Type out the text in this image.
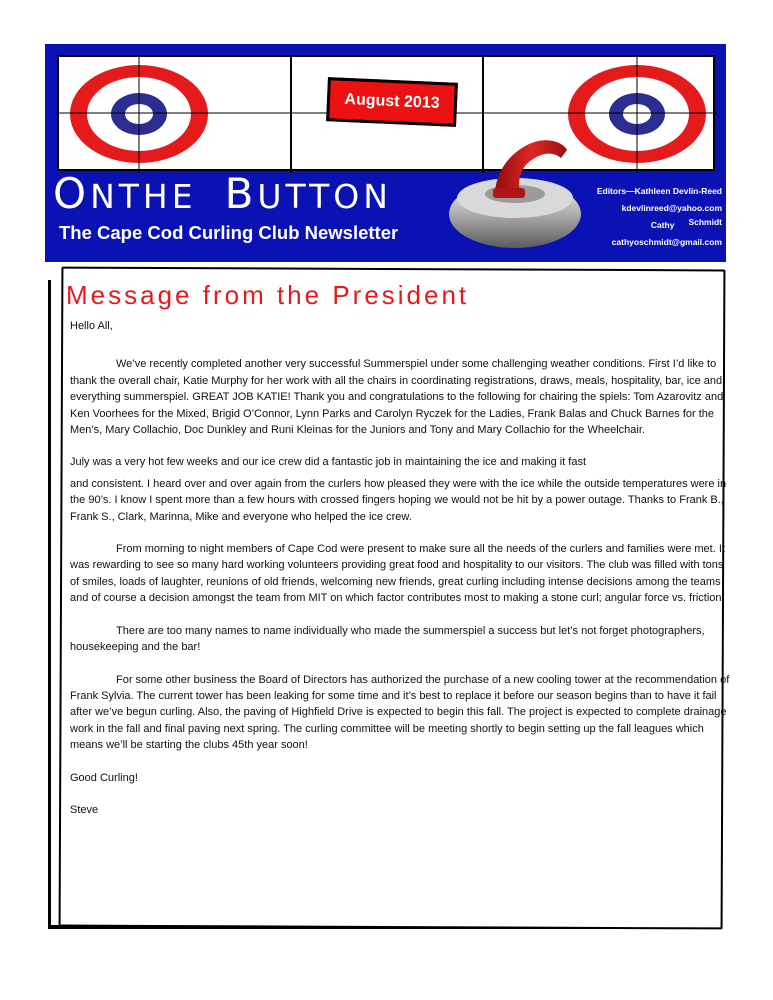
August 2013
ONTHE BUTTON
The Cape Cod Curling Club Newsletter
Editors—Kathleen Devlin-Reed
kdevlinreed@yahoo.com
Cathy Schmidt
cathyoschmidt@gmail.com
Message from the President

Hello All,

We’ve recently completed another very successful Summerspiel under some challenging weather conditions. First I’d like to thank the overall chair, Katie Murphy for her work with all the chairs in coordinating registrations, draws, meals, hospitality, bar, ice and everything summerspiel. GREAT JOB KATIE! Thank you and congratulations to the following for chairing the spiels: Tom Azarovitz and Ken Voorhees for the Mixed, Brigid O’Connor, Lynn Parks and Carolyn Ryczek for the Ladies, Frank Balas and Chuck Barnes for the Men’s, Mary Collachio, Doc Dunkley and Runi Kleinas for the Juniors and Tony and Mary Collachio for the Wheelchair.

July was a very hot few weeks and our ice crew did a fantastic job in maintaining the ice and making it fast

and consistent. I heard over and over again from the curlers how pleased they were with the ice while the outside temperatures were in the 90’s. I know I spent more than a few hours with crossed fingers hoping we would not be hit by a power outage. Thanks to Frank B., Frank S., Clark, Marinna, Mike and everyone who helped the ice crew.

From morning to night members of Cape Cod were present to make sure all the needs of the curlers and families were met. It was rewarding to see so many hard working volunteers providing great food and hospitality to our visitors. The club was filled with tons of smiles, loads of laughter, reunions of old friends, welcoming new friends, great curling including intense decisions among the teams and of course a decision amongst the team from MIT on which factor contributes most to making a stone curl; angular force vs. friction!

There are too many names to name individually who made the summerspiel a success but let’s not forget photographers, housekeeping and the bar!

For some other business the Board of Directors has authorized the purchase of a new cooling tower at the recommendation of Frank Sylvia. The current tower has been leaking for some time and it’s best to replace it before our season begins than to have it fail after we’ve begun curling. Also, the paving of Highfield Drive is expected to begin this fall. The project is expected to complete drainage work in the fall and final paving next spring. The curling committee will be meeting shortly to begin setting up the fall leagues which means we’ll be starting the clubs 45th year soon!

Good Curling!

Steve
